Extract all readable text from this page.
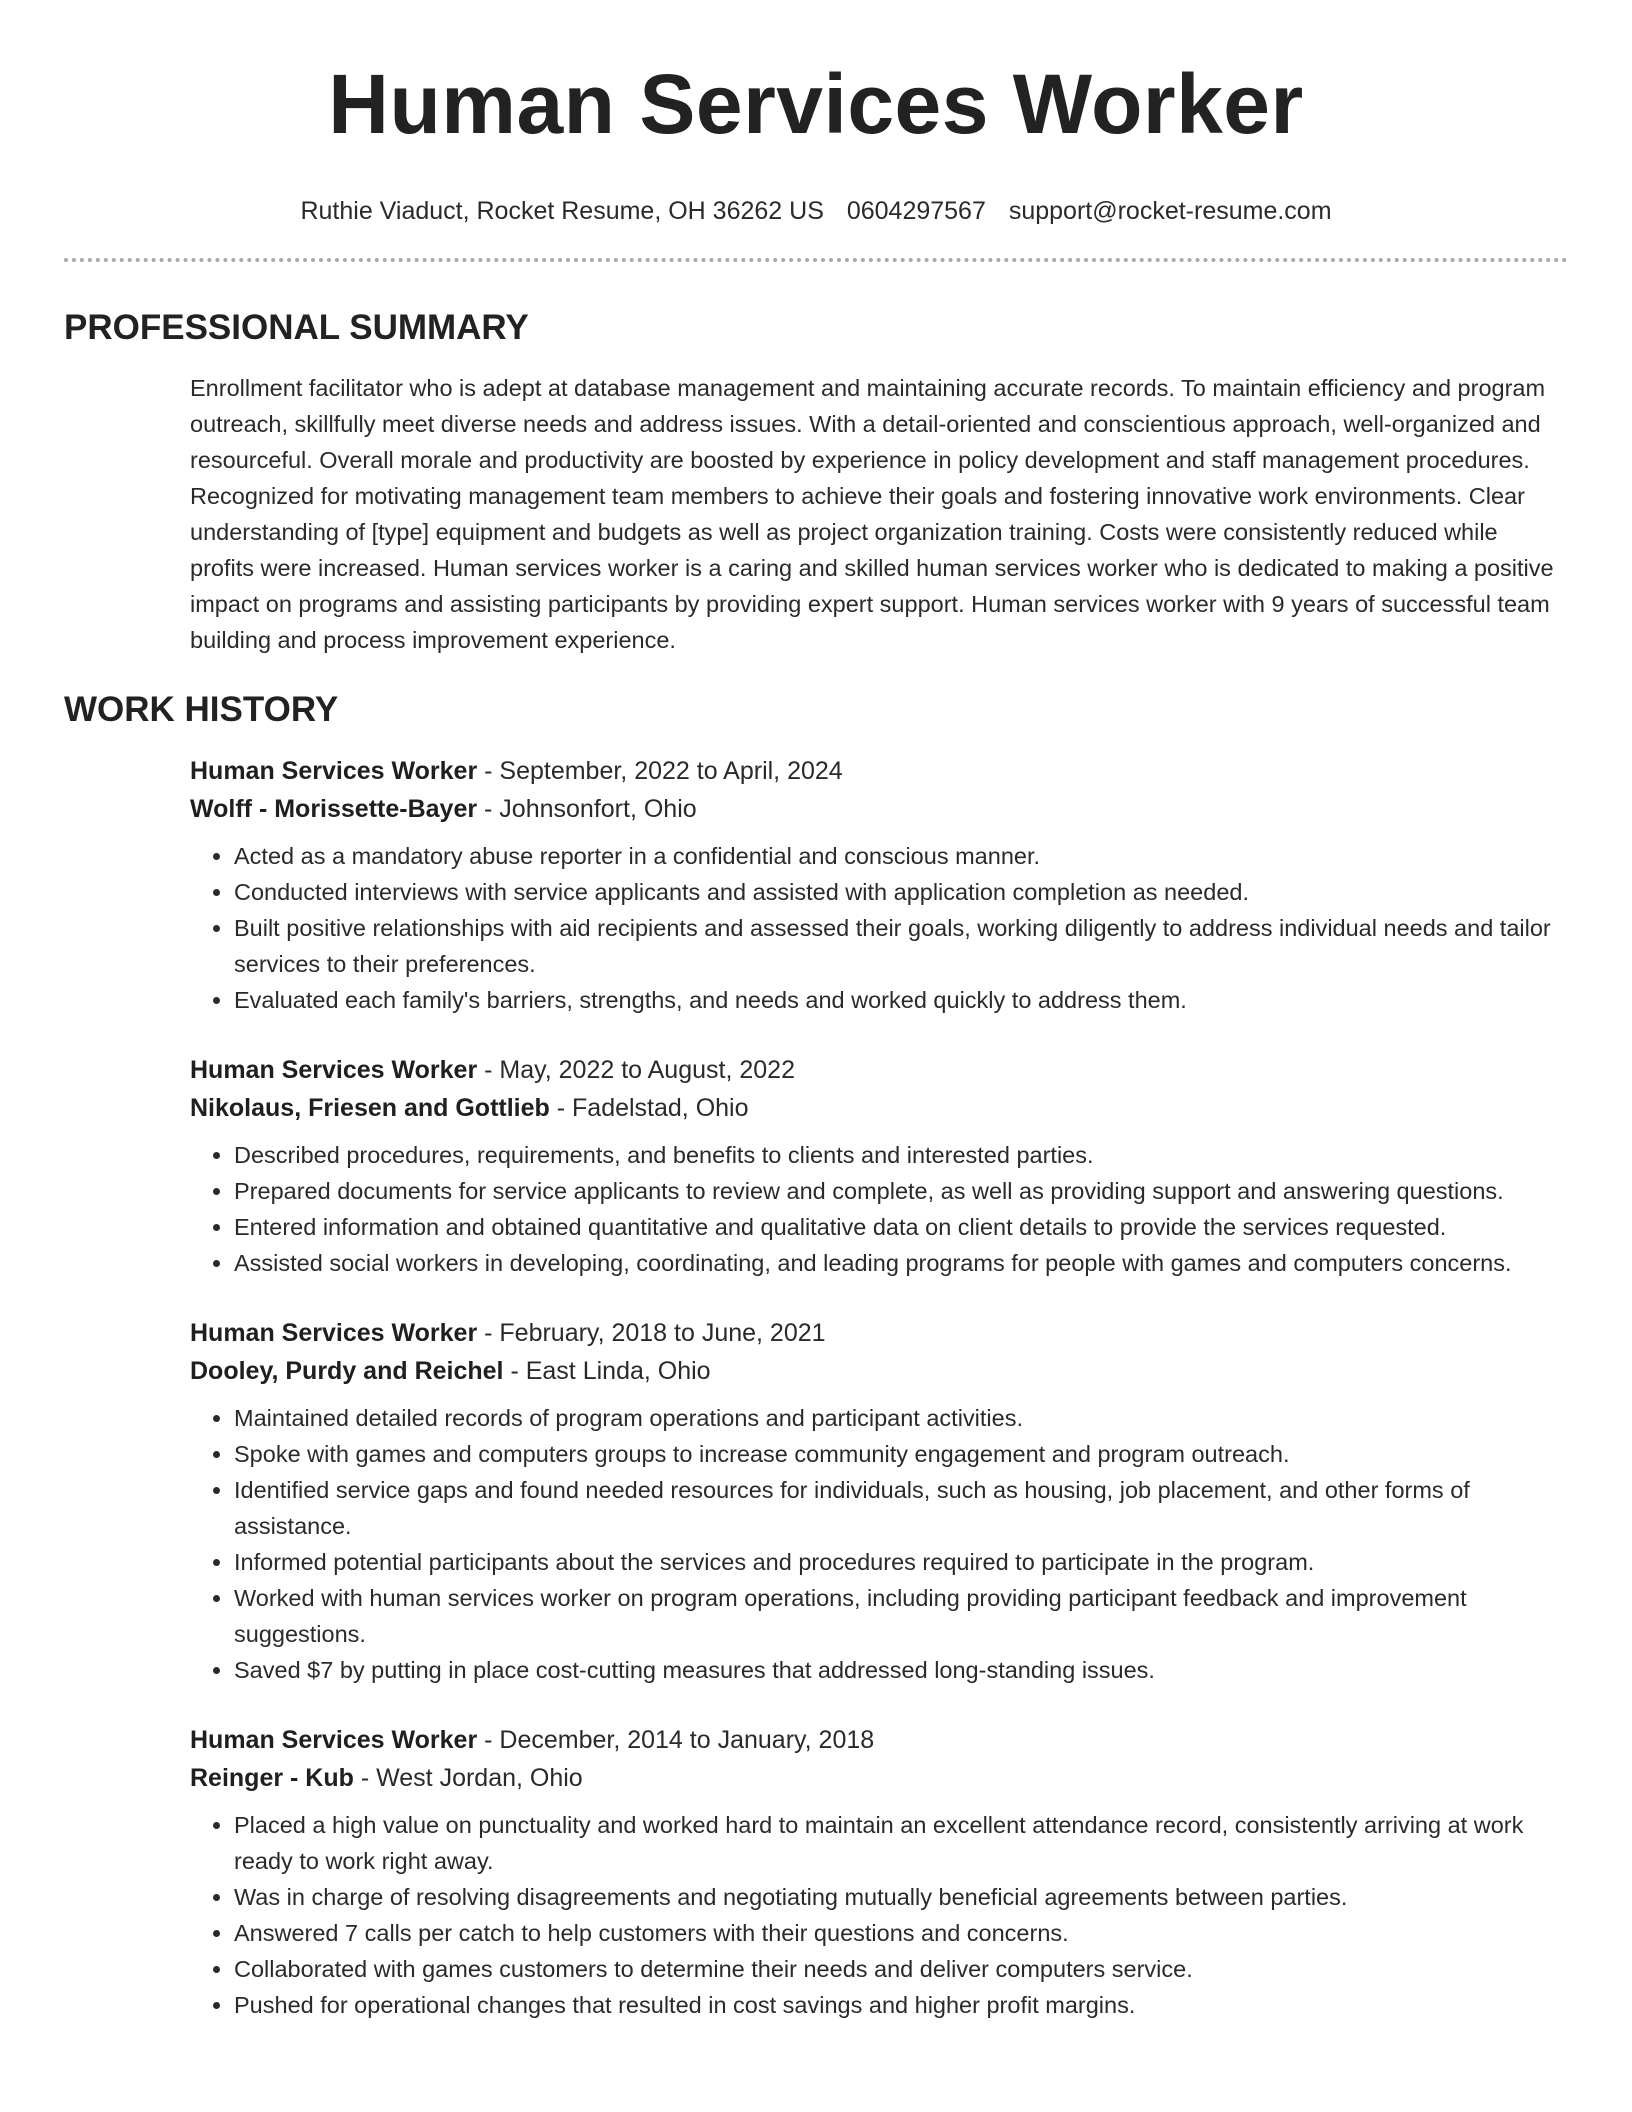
Human Services Worker
Ruthie Viaduct, Rocket Resume, OH 36262 US 0604297567 support@rocket-resume.com
PROFESSIONAL SUMMARY

Enrollment facilitator who is adept at database management and maintaining accurate records. To maintain efficiency and program outreach, skillfully meet diverse needs and address issues. With a detail-oriented and conscientious approach, well-organized and resourceful. Overall morale and productivity are boosted by experience in policy development and staff management procedures. Recognized for motivating management team members to achieve their goals and fostering innovative work environments. Clear understanding of [type] equipment and budgets as well as project organization training. Costs were consistently reduced while profits were increased. Human services worker is a caring and skilled human services worker who is dedicated to making a positive impact on programs and assisting participants by providing expert support. Human services worker with 9 years of successful team building and process improvement experience.

WORK HISTORY
Human Services Worker - September, 2022 to April, 2024
Wolff - Morissette-Bayer - Johnsonfort, Ohio
• Acted as a mandatory abuse reporter in a confidential and conscious manner.
• Conducted interviews with service applicants and assisted with application completion as needed.
• Built positive relationships with aid recipients and assessed their goals, working diligently to address individual needs and tailor services to their preferences.
• Evaluated each family's barriers, strengths, and needs and worked quickly to address them.
Human Services Worker - May, 2022 to August, 2022
Nikolaus, Friesen and Gottlieb - Fadelstad, Ohio
• Described procedures, requirements, and benefits to clients and interested parties.
• Prepared documents for service applicants to review and complete, as well as providing support and answering questions.
• Entered information and obtained quantitative and qualitative data on client details to provide the services requested.
• Assisted social workers in developing, coordinating, and leading programs for people with games and computers concerns.
Human Services Worker - February, 2018 to June, 2021
Dooley, Purdy and Reichel - East Linda, Ohio
• Maintained detailed records of program operations and participant activities.
• Spoke with games and computers groups to increase community engagement and program outreach.
• Identified service gaps and found needed resources for individuals, such as housing, job placement, and other forms of assistance.
• Informed potential participants about the services and procedures required to participate in the program.
• Worked with human services worker on program operations, including providing participant feedback and improvement suggestions.
• Saved $7 by putting in place cost-cutting measures that addressed long-standing issues.
Human Services Worker - December, 2014 to January, 2018
Reinger - Kub - West Jordan, Ohio
• Placed a high value on punctuality and worked hard to maintain an excellent attendance record, consistently arriving at work ready to work right away.
• Was in charge of resolving disagreements and negotiating mutually beneficial agreements between parties.
• Answered 7 calls per catch to help customers with their questions and concerns.
• Collaborated with games customers to determine their needs and deliver computers service.
• Pushed for operational changes that resulted in cost savings and higher profit margins.
